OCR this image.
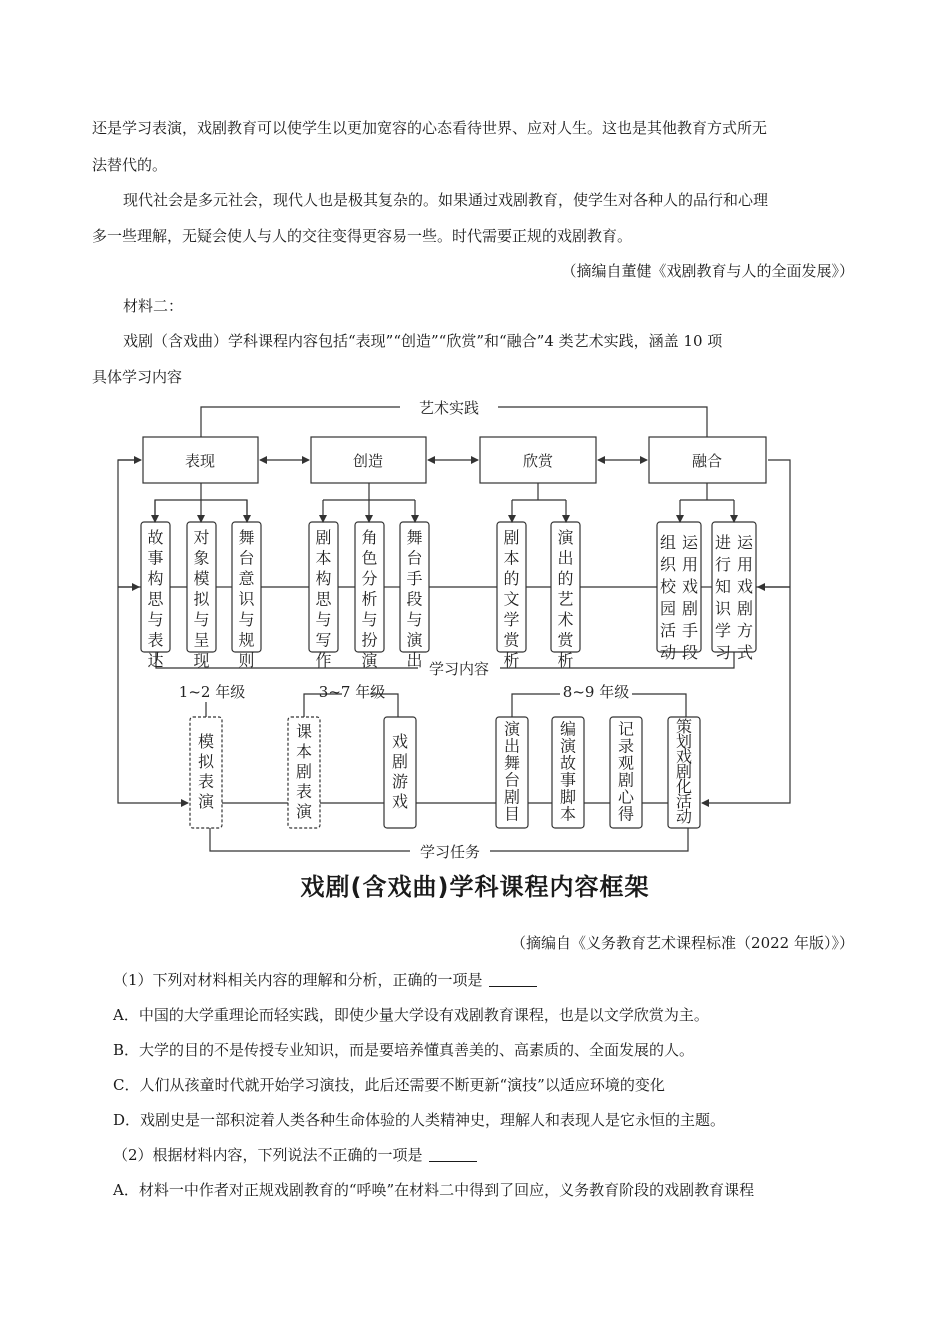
还是学习表演，戏剧教育可以使学生以更加宽容的心态看待世界、应对人生。这也是其他教育方式所无
法替代的。
现代社会是多元社会，现代人也是极其复杂的。如果通过戏剧教育，使学生对各种人的品行和心理
多一些理解，无疑会使人与人的交往变得更容易一些。时代需要正规的戏剧教育。
（摘编自董健《戏剧教育与人的全面发展》）
材料二：
戏剧（含戏曲）学科课程内容包括“表现”“创造”“欣赏”和“融合”4 类艺术实践，涵盖 10 项
具体学习内容
艺术实践
表现	创造	欣赏	融合
学习内容
1~2 年级	3~7 年级	8~9 年级
学习任务
故事构思与表达
对象模拟与呈现
舞台意识与规则
剧本构思与写作
角色分析与扮演
舞台手段与演出
剧本的文学赏析
演出的艺术赏析
运用戏剧手段
组织校园活动
运用戏剧方式
进行知识学习
模拟表演
课本剧表演
戏剧游戏
演出舞台剧目
编演故事脚本
记录观剧心得
策划戏剧化活动
戏剧(含戏曲)学科课程内容框架
（摘编自《义务教育艺术课程标准（2022 年版）》）
（1）下列对材料相关内容的理解和分析，正确的一项是
A．中国的大学重理论而轻实践，即使少量大学设有戏剧教育课程，也是以文学欣赏为主。
B．大学的目的不是传授专业知识，而是要培养懂真善美的、高素质的、全面发展的人。
C．人们从孩童时代就开始学习演技，此后还需要不断更新“演技”以适应环境的变化
D．戏剧史是一部积淀着人类各种生命体验的人类精神史，理解人和表现人是它永恒的主题。
（2）根据材料内容，下列说法不正确的一项是
A．材料一中作者对正规戏剧教育的“呼唤”在材料二中得到了回应，义务教育阶段的戏剧教育课程
